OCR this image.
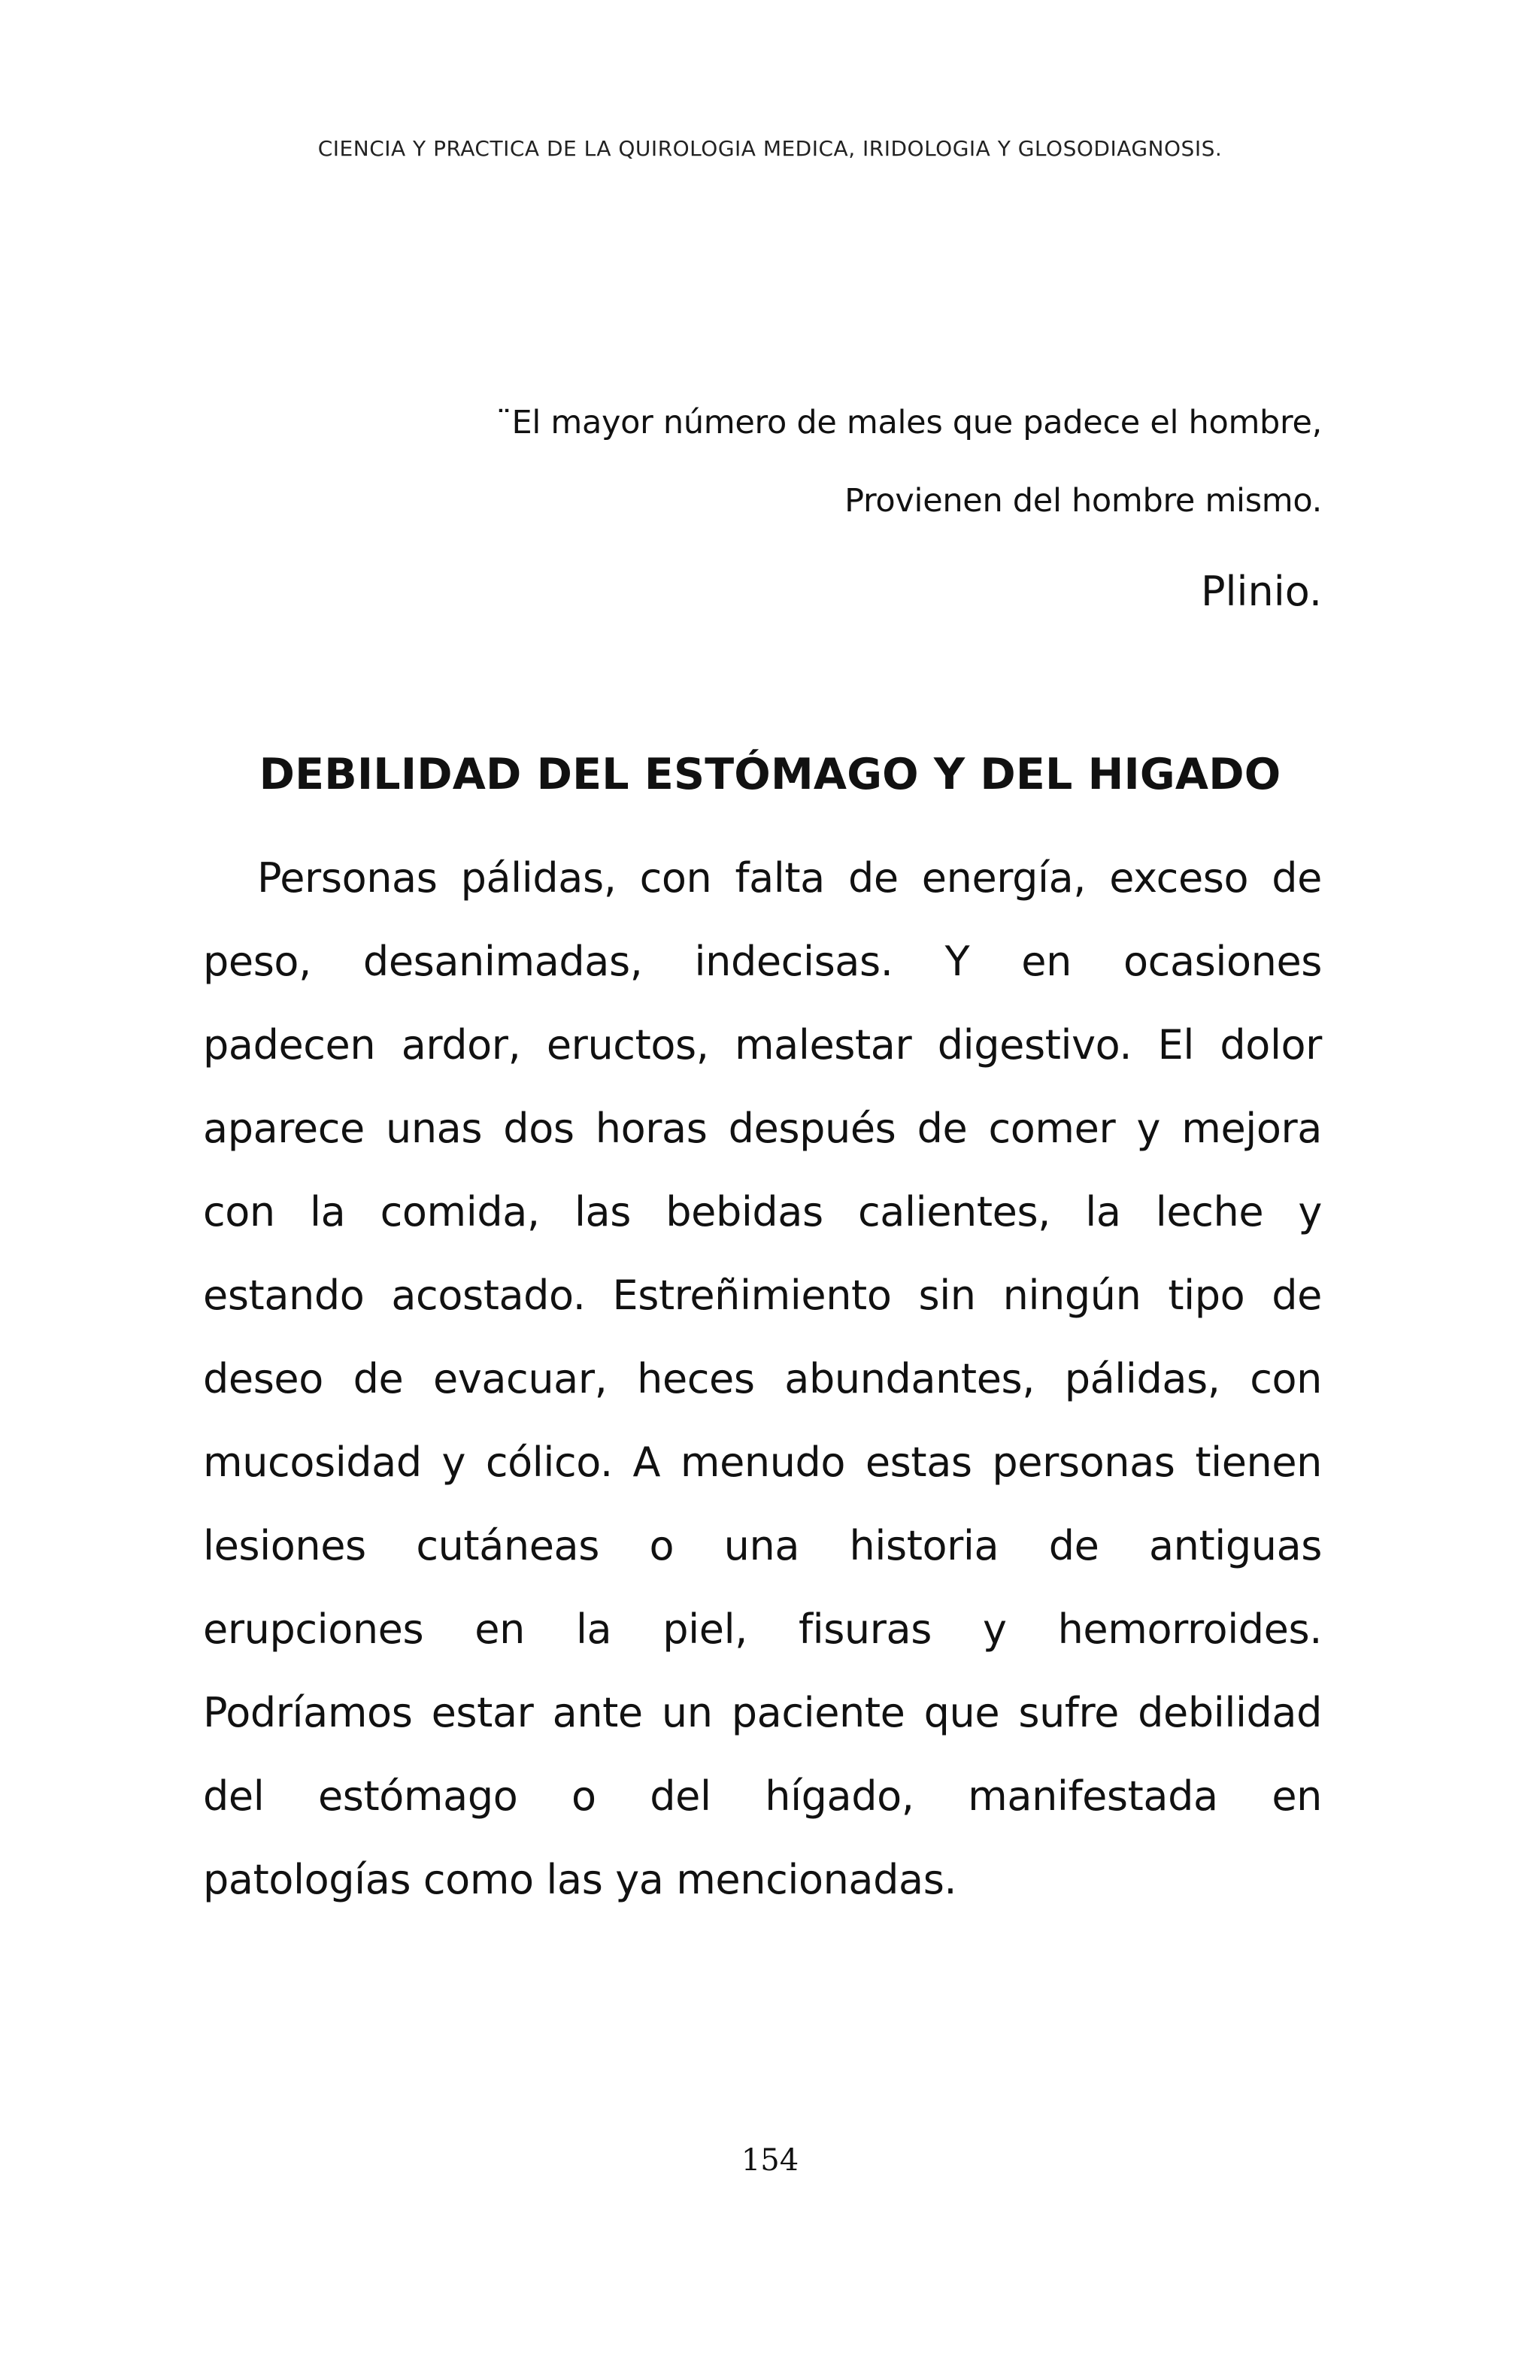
CIENCIA Y PRACTICA DE LA QUIROLOGIA MEDICA, IRIDOLOGIA Y GLOSODIAGNOSIS.
¨El mayor número de males que padece el hombre,
Provienen del hombre mismo.
Plinio.
DEBILIDAD DEL ESTÓMAGO Y DEL HIGADO
Personas pálidas, con falta de energía, exceso de
peso, desanimadas, indecisas. Y en ocasiones
padecen ardor, eructos, malestar digestivo. El dolor
aparece unas dos horas después de comer y mejora
con la comida, las bebidas calientes, la leche y
estando acostado. Estreñimiento sin ningún tipo de
deseo de evacuar, heces abundantes, pálidas, con
mucosidad y cólico. A menudo estas personas tienen
lesiones cutáneas o una historia de antiguas
erupciones en la piel, fisuras y hemorroides.
Podríamos estar ante un paciente que sufre debilidad
del estómago o del hígado, manifestada en
patologías como las ya mencionadas.
154
